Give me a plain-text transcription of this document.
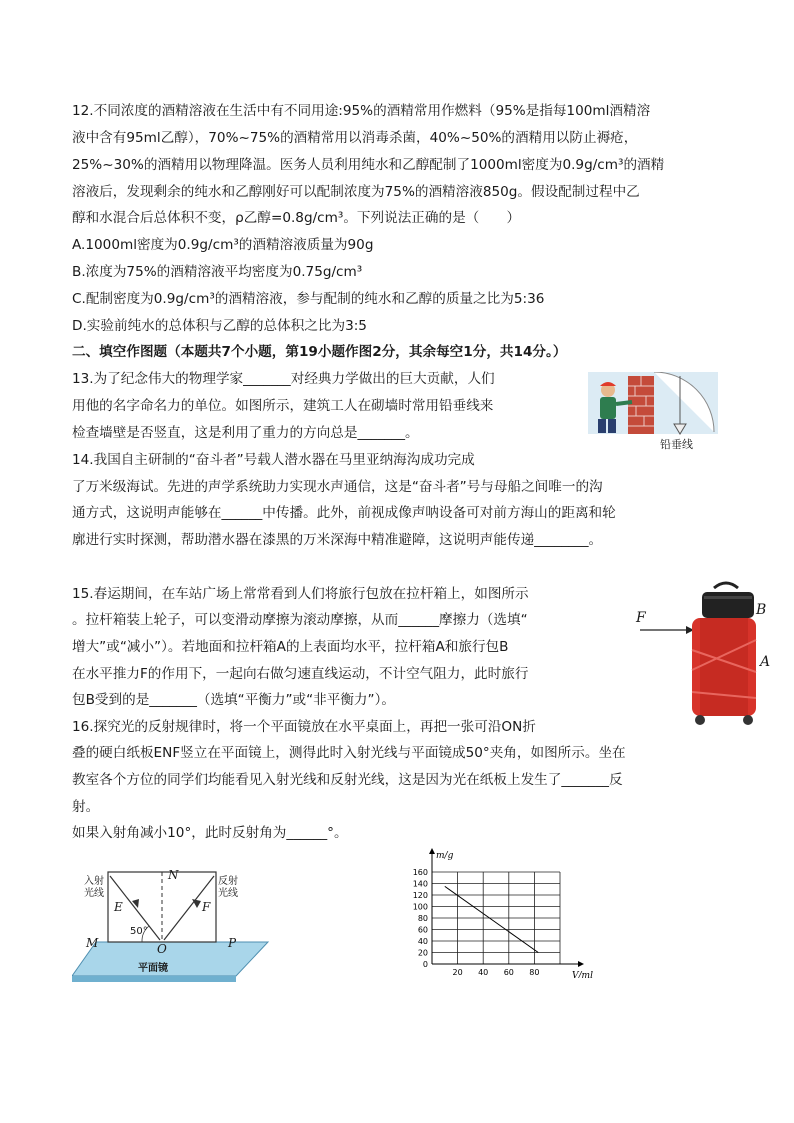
12.不同浓度的酒精溶液在生活中有不同用途:95%的酒精常用作燃料（95%是指每100ml酒精溶
液中含有95ml乙醇），70%~75%的酒精常用以消毒杀菌，40%~50%的酒精用以防止褥疮，
25%~30%的酒精用以物理降温。医务人员利用纯水和乙醇配制了1000ml密度为0.9g/cm³的酒精
溶液后，发现剩余的纯水和乙醇刚好可以配制浓度为75%的酒精溶液850g。假设配制过程中乙
醇和水混合后总体积不变，ρ乙醇=0.8g/cm³。下列说法正确的是（　　）
A.1000ml密度为0.9g/cm³的酒精溶液质量为90g
B.浓度为75%的酒精溶液平均密度为0.75g/cm³
C.配制密度为0.9g/cm³的酒精溶液，参与配制的纯水和乙醇的质量之比为5:36
D.实验前纯水的总体积与乙醇的总体积之比为3:5
二、填空作图题（本题共7个小题，第19小题作图2分，其余每空1分，共14分。）
13.为了纪念伟大的物理学家_______对经典力学做出的巨大贡献，人们
用他的名字命名力的单位。如图所示，建筑工人在砌墙时常用铅垂线来
检查墙壁是否竖直，这是利用了重力的方向总是_______。
铅垂线
14.我国自主研制的“奋斗者”号载人潜水器在马里亚纳海沟成功完成
了万米级海试。先进的声学系统助力实现水声通信，这是“奋斗者”号与母船之间唯一的沟
通方式，这说明声能够在______中传播。此外，前视成像声呐设备可对前方海山的距离和轮
廓进行实时探测，帮助潜水器在漆黑的万米深海中精准避障，这说明声能传递________。
15.春运期间，在车站广场上常常看到人们将旅行包放在拉杆箱上，如图所示
。拉杆箱装上轮子，可以变滑动摩擦为滚动摩擦，从而______摩擦力（选填“
增大”或“减小”）。若地面和拉杆箱A的上表面均水平，拉杆箱A和旅行包B
在水平推力F的作用下，一起向右做匀速直线运动，不计空气阻力，此时旅行
包B受到的是_______（选填“平衡力”或“非平衡力”）。
F	B
A
16.探究光的反射规律时，将一个平面镜放在水平桌面上，再把一张可沿ON折
叠的硬白纸板ENF竖立在平面镜上，测得此时入射光线与平面镜成50°夹角，如图所示。坐在
教室各个方位的同学们均能看见入射光线和反射光线，这是因为光在纸板上发生了_______反
射。
如果入射角减小10°，此时反射角为______°。
入射
光线
反射
光线
N
E	F
50°
O
M	P
平面镜	0
20
40
60
80
100
120
140
160
20 40 60 80
m/g
V/ml
